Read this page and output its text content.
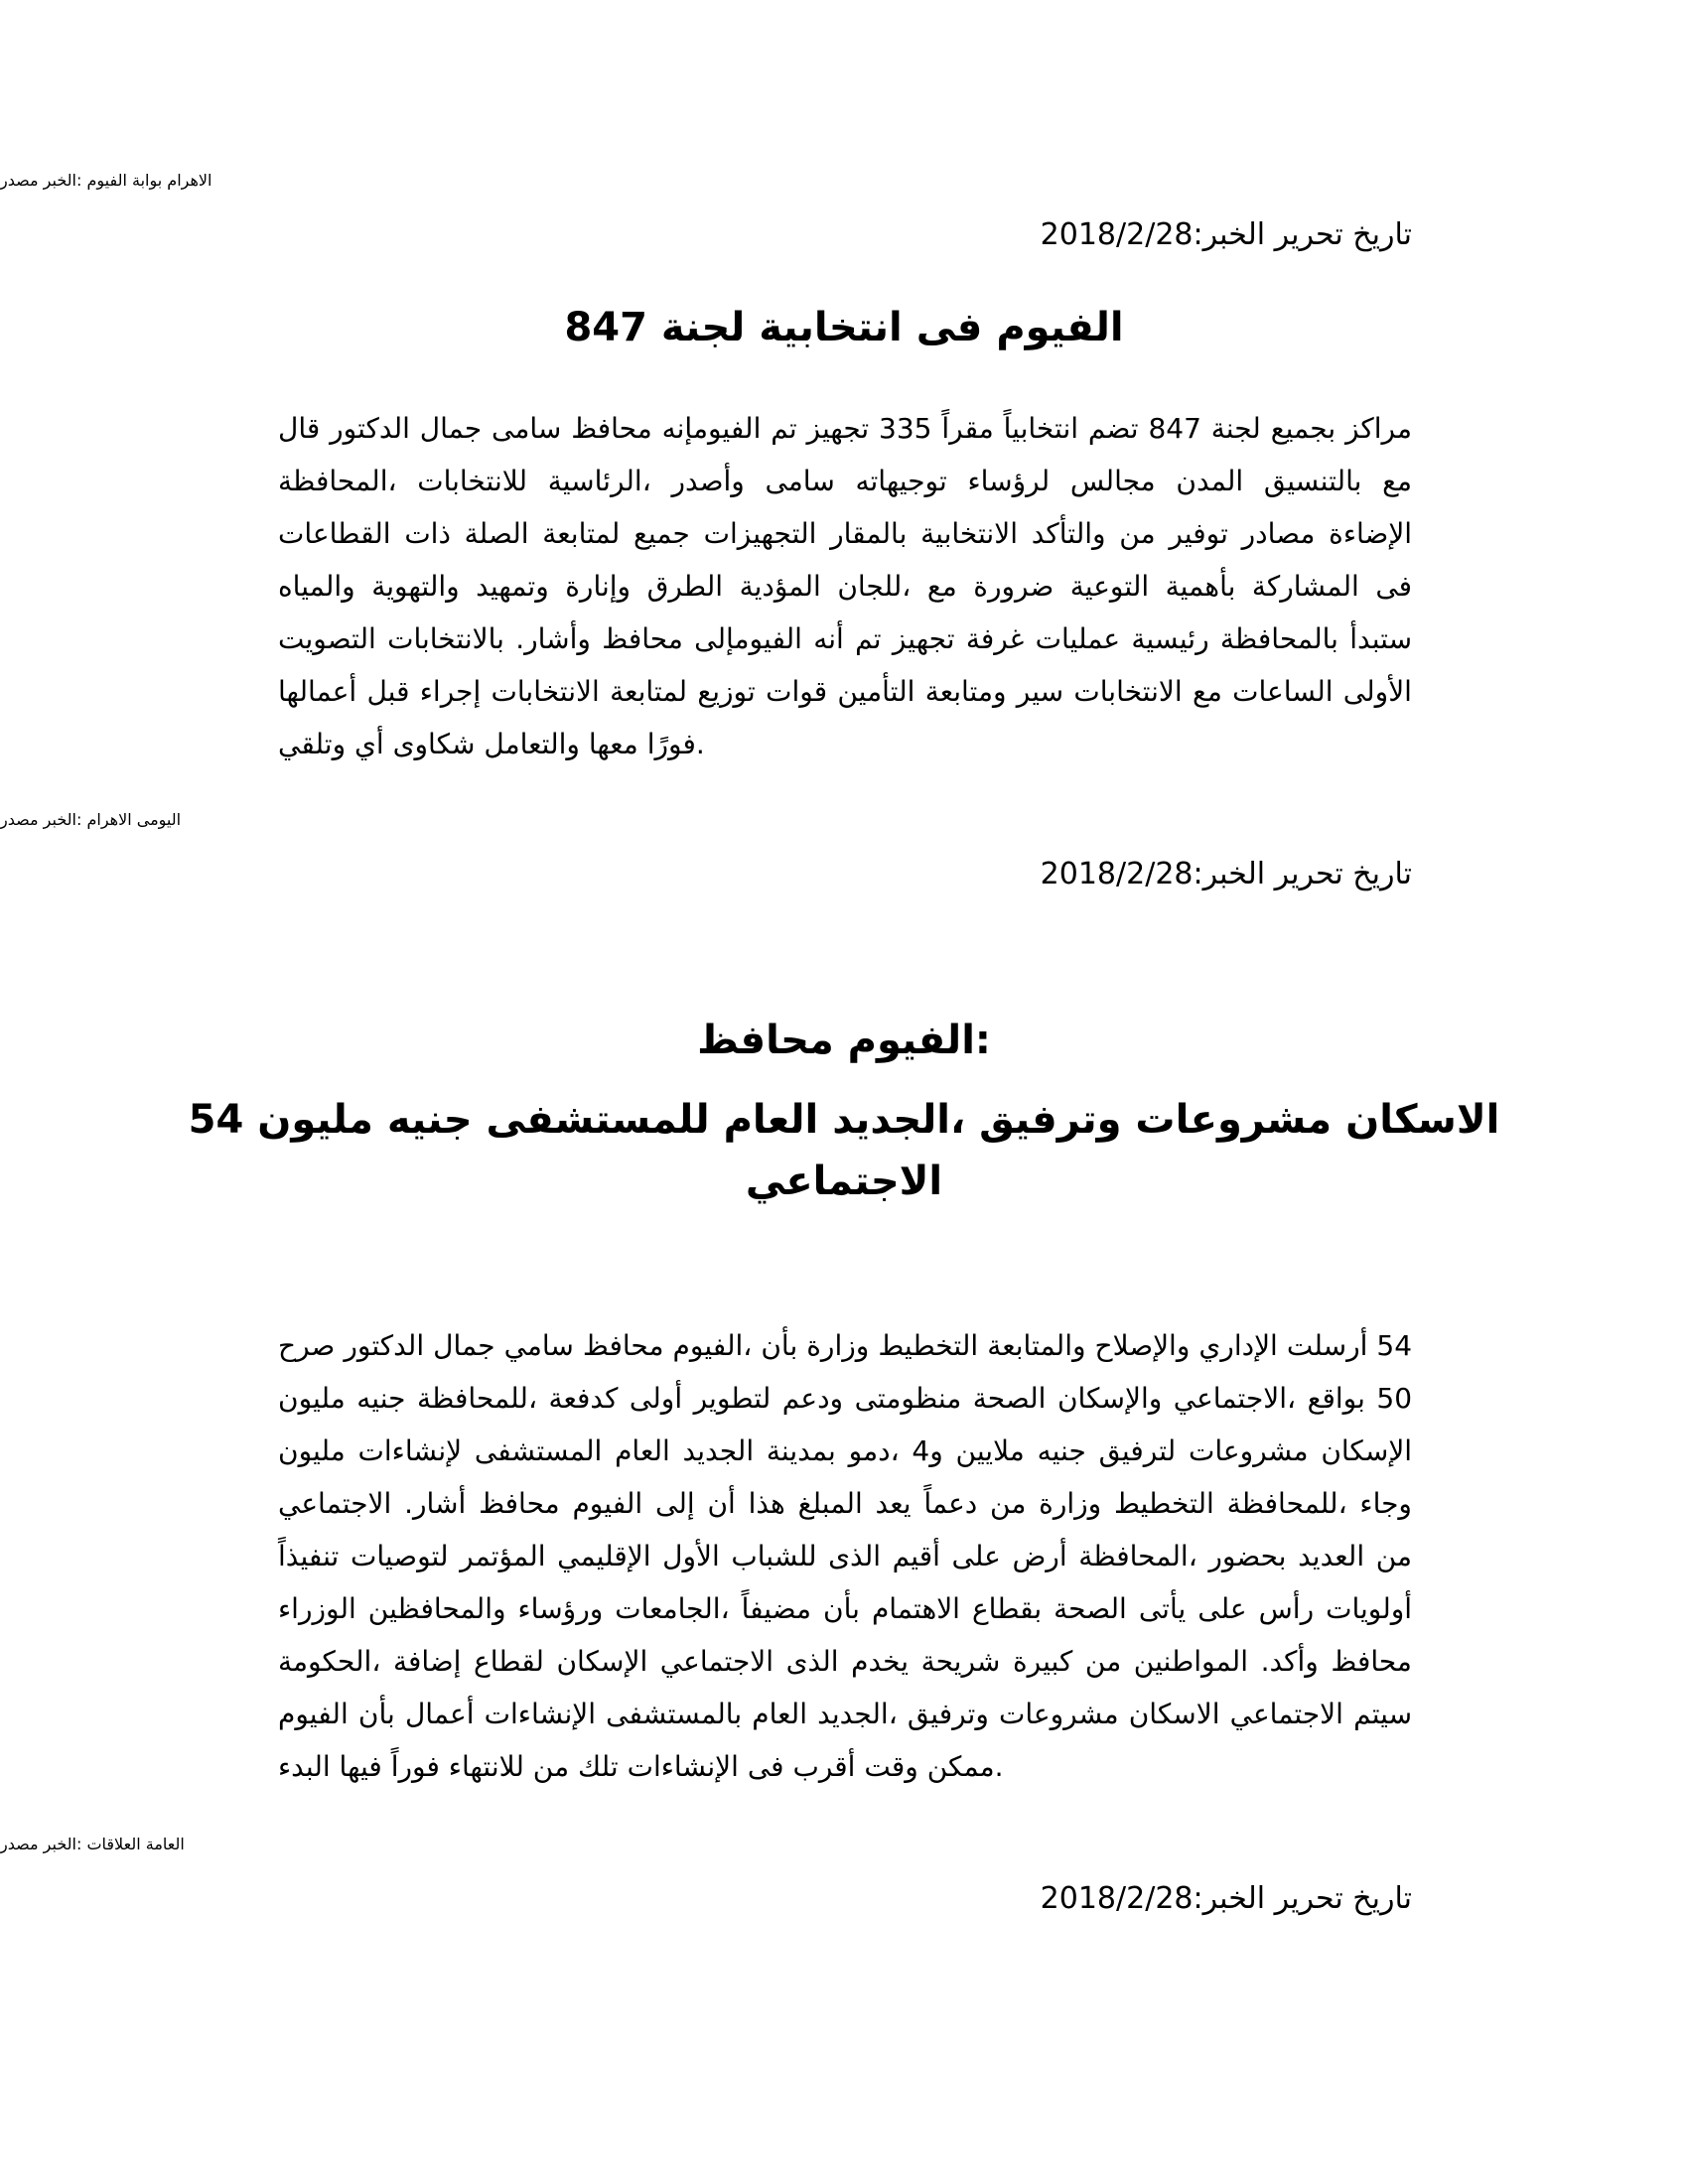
مصدر الخبر: الفيوم بوابة الاهرام
تاريخ تحرير الخبر:2018/2/28
847 لجنة انتخابية فى الفيوم
قال الدكتور جمال سامى محافظ الفيومإنه تم تجهيز 335 مقراً انتخابياً تضم 847 لجنة بجميع مراكز المحافظة، للانتخابات الرئاسية، وأصدر سامى توجيهاته لرؤساء مجالس المدن بالتنسيق مع القطاعات ذات الصلة لمتابعة جميع التجهيزات بالمقار الانتخابية والتأكد من توفير مصادر الإضاءة والمياه والتهوية وتمهيد وإنارة الطرق المؤدية للجان، مع ضرورة التوعية بأهمية المشاركة فى التصويت بالانتخابات .وأشار محافظ الفيومإلى أنه تم تجهيز غرفة عمليات رئيسية بالمحافظة ستبدأ أعمالها قبل إجراء الانتخابات لمتابعة توزيع قوات التأمين ومتابعة سير الانتخابات مع الساعات الأولى وتلقي أي شكاوى والتعامل معها فورًا.
مصدر الخبر: الاهرام اليومى
تاريخ تحرير الخبر:2018/2/28
محافظ الفيوم:
54 مليون جنيه للمستشفى العام الجديد، وترفيق مشروعات الاسكان الاجتماعي
صرح الدكتور جمال سامي محافظ الفيوم، بأن وزارة التخطيط والمتابعة والإصلاح الإداري أرسلت 54 مليون جنيه للمحافظة، كدفعة أولى لتطوير ودعم منظومتى الصحة والإسكان الاجتماعي، بواقع 50 مليون لإنشاءات المستشفى العام الجديد بمدينة دمو، و4 ملايين جنيه لترفيق مشروعات الإسكان الاجتماعي .أشار محافظ الفيوم إلى أن هذا المبلغ يعد دعماً من وزارة التخطيط للمحافظة، وجاء تنفيذاً لتوصيات المؤتمر الإقليمي الأول للشباب الذى أقيم على أرض المحافظة، بحضور العديد من الوزراء والمحافظين ورؤساء الجامعات، مضيفاً بأن الاهتمام بقطاع الصحة يأتى على رأس أولويات الحكومة، إضافة لقطاع الإسكان الاجتماعي الذى يخدم شريحة كبيرة من المواطنين .وأكد محافظ الفيوم بأن أعمال الإنشاءات بالمستشفى العام الجديد، وترفيق مشروعات الاسكان الاجتماعي سيتم البدء فيها فوراً للانتهاء من تلك الإنشاءات فى أقرب وقت ممكن.
مصدر الخبر: العلاقات العامة
تاريخ تحرير الخبر:2018/2/28
